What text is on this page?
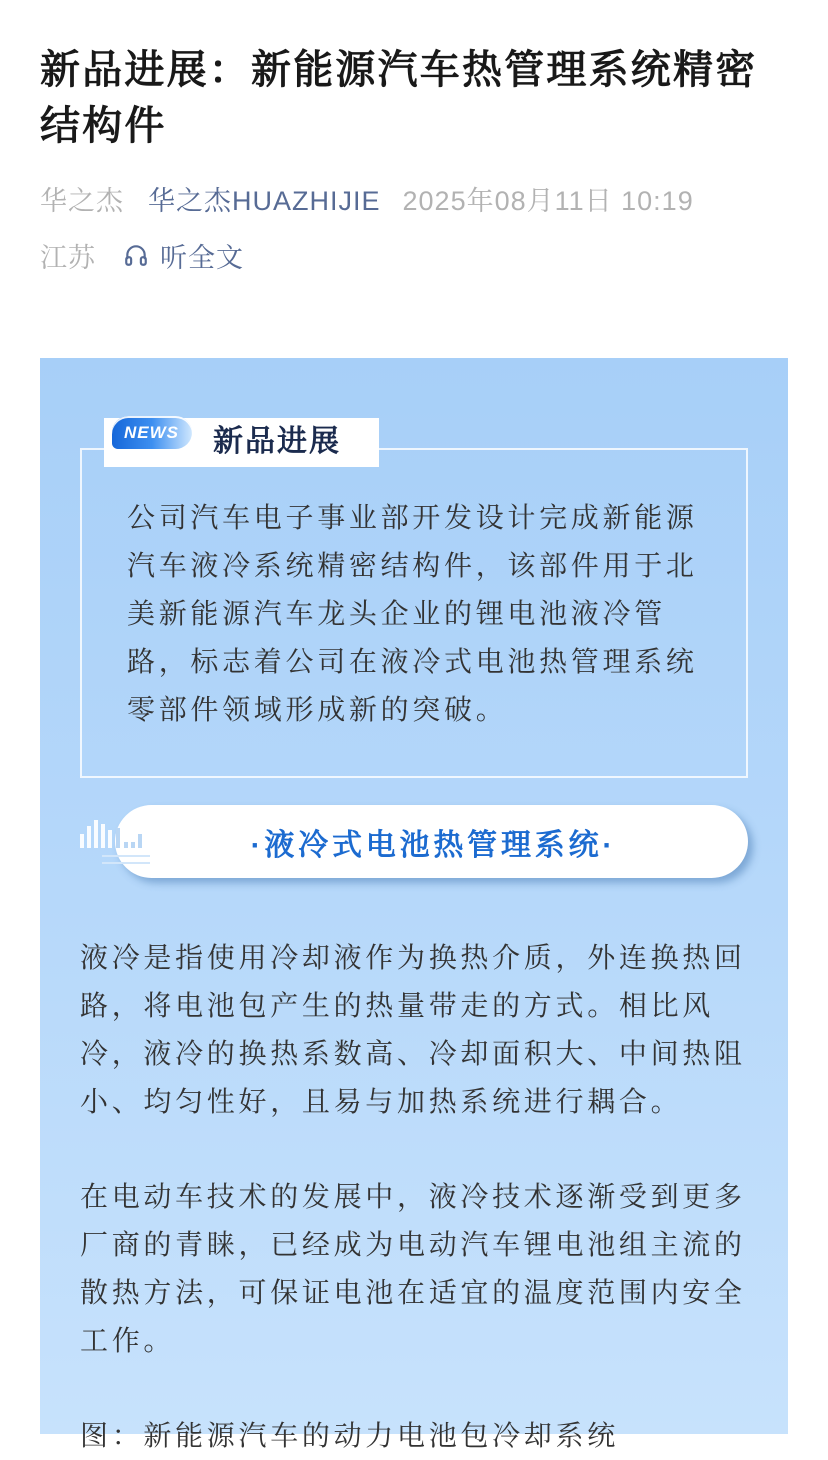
新品进展：新能源汽车热管理系统精密结构件
华之杰 华之杰HUAZHIJIE 2025年08月11日 10:19
江苏 听全文
新品进展
NEWS

公司汽车电子事业部开发设计完成新能源汽车液冷系统精密结构件，该部件用于北美新能源汽车龙头企业的锂电池液冷管路，标志着公司在液冷式电池热管理系统零部件领域形成新的突破。

·液冷式电池热管理系统·

液冷是指使用冷却液作为换热介质，外连换热回路，将电池包产生的热量带走的方式。相比风冷，液冷的换热系数高、冷却面积大、中间热阻小、均匀性好，且易与加热系统进行耦合。

在电动车技术的发展中，液冷技术逐渐受到更多厂商的青睐，已经成为电动汽车锂电池组主流的散热方法，可保证电池在适宜的温度范围内安全工作。

图：新能源汽车的动力电池包冷却系统
